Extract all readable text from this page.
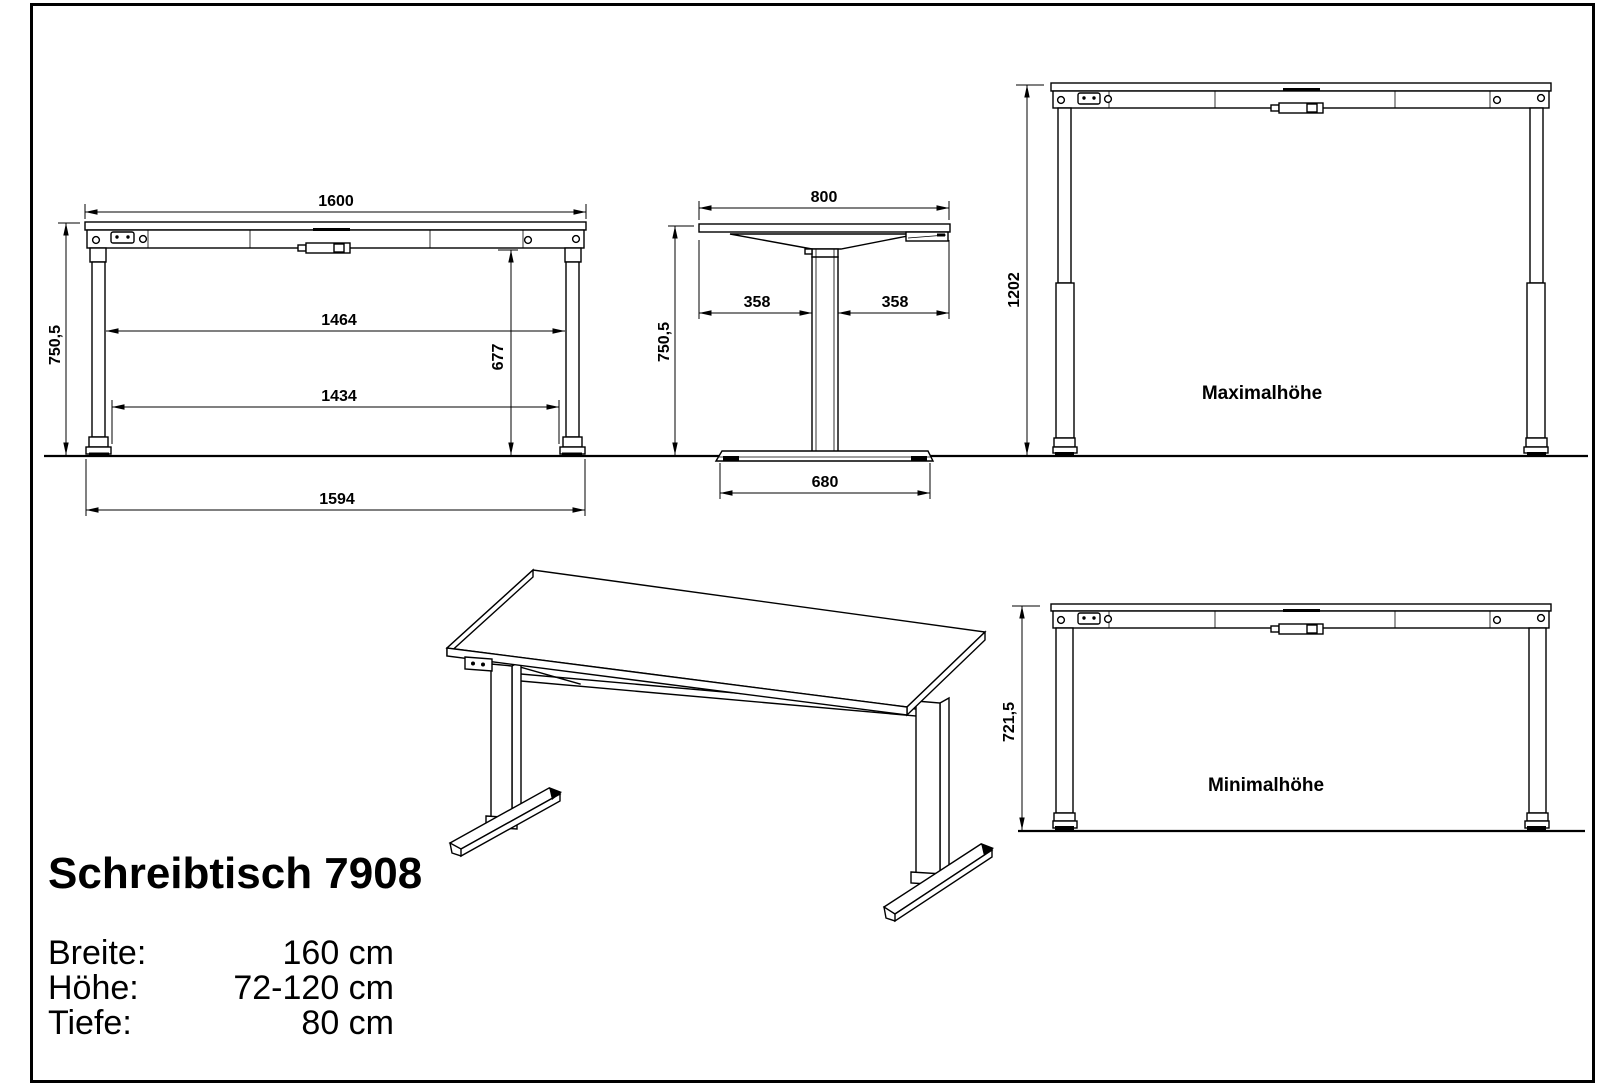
1600
750,5
1464
677
1434
1594
800
358	358
750,5
680
1202
Maximalhöhe
721,5
Minimalhöhe
Schreibtisch 7908
Breite:	160 cm
Höhe:	72-120 cm
Tiefe:	80 cm
